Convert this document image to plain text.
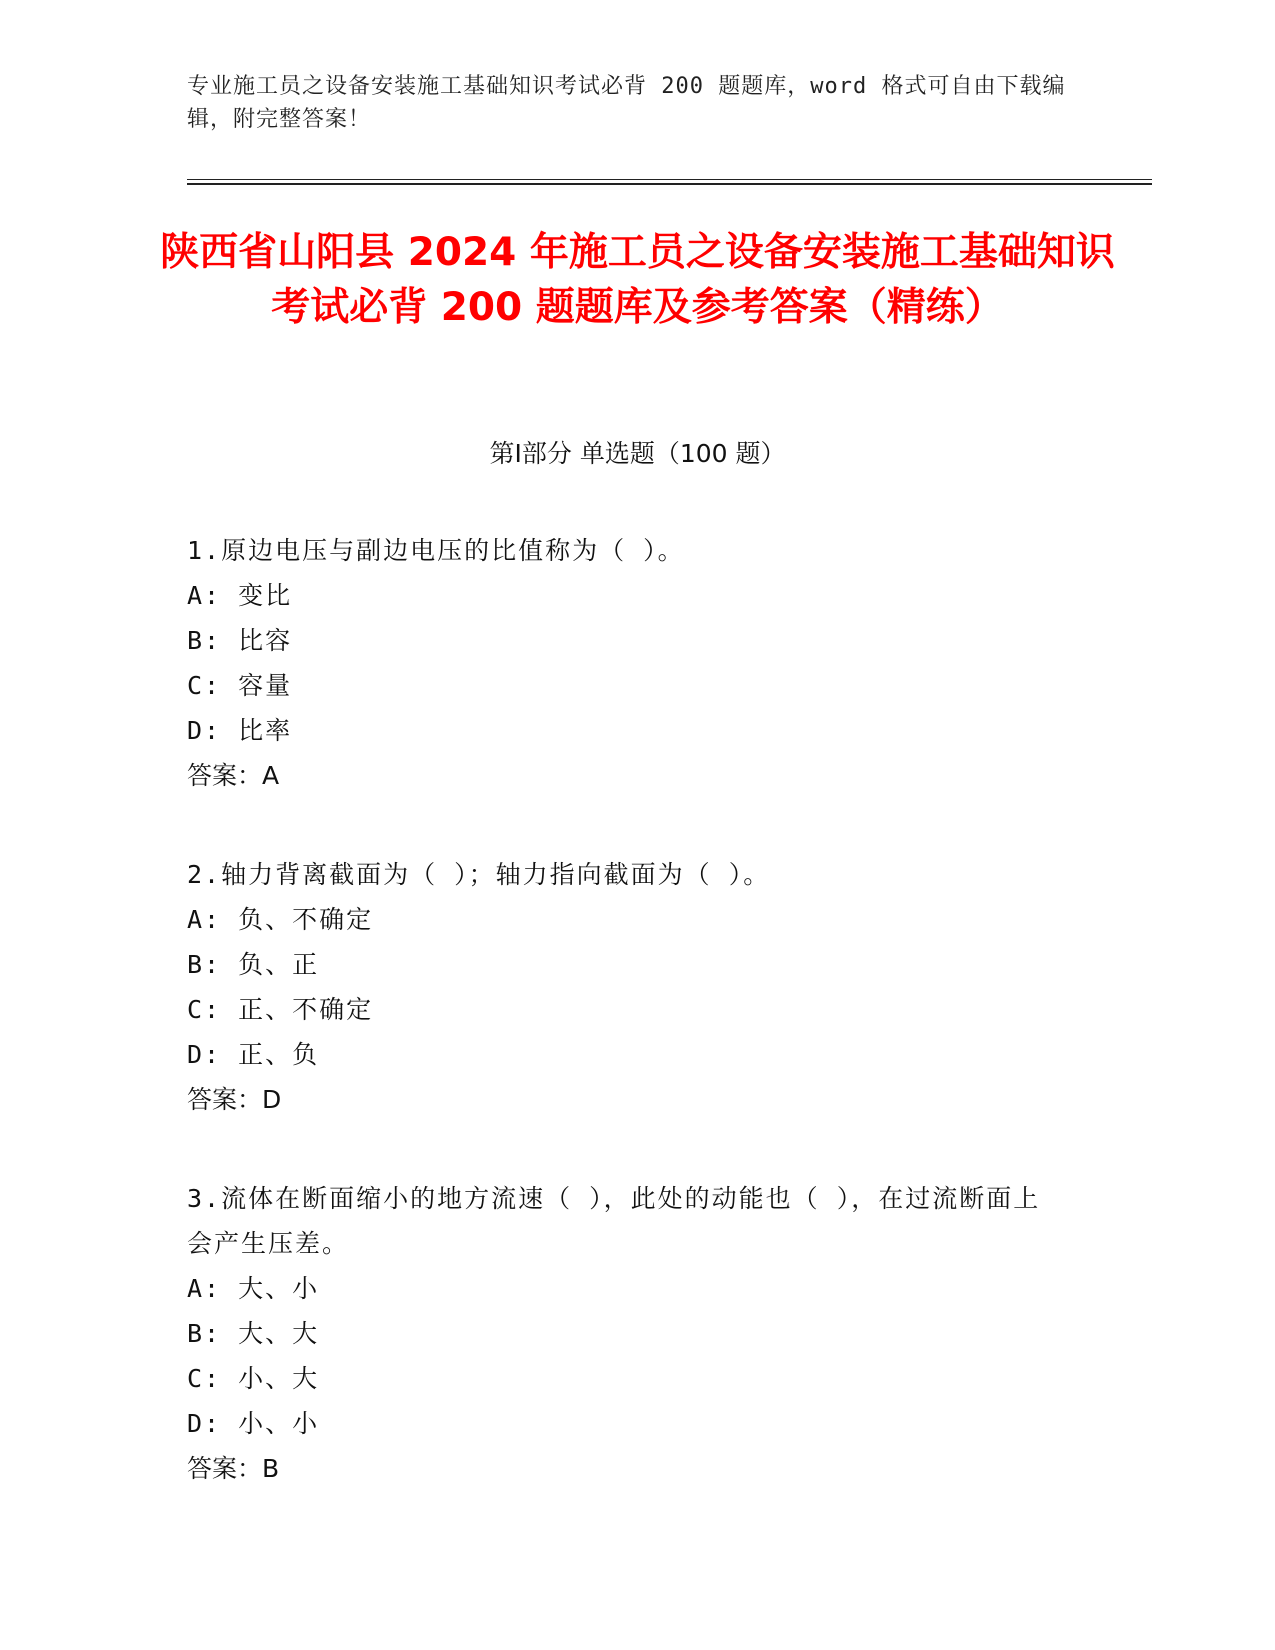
专业施工员之设备安装施工基础知识考试必背 200 题题库，word 格式可自由下载编辑，附完整答案！
陕西省山阳县 2024 年施工员之设备安装施工基础知识考试必背 200 题题库及参考答案（精练）
第Ⅰ部分 单选题（100 题）

1.原边电压与副边电压的比值称为（ ）。

A: 变比

B: 比容

C: 容量

D: 比率

答案：A

2.轴力背离截面为（ ）；轴力指向截面为（ ）。

A: 负、不确定

B: 负、正

C: 正、不确定

D: 正、负

答案：D

3.流体在断面缩小的地方流速（ ），此处的动能也（ ），在过流断面上会产生压差。

A: 大、小

B: 大、大

C: 小、大

D: 小、小

答案：B
